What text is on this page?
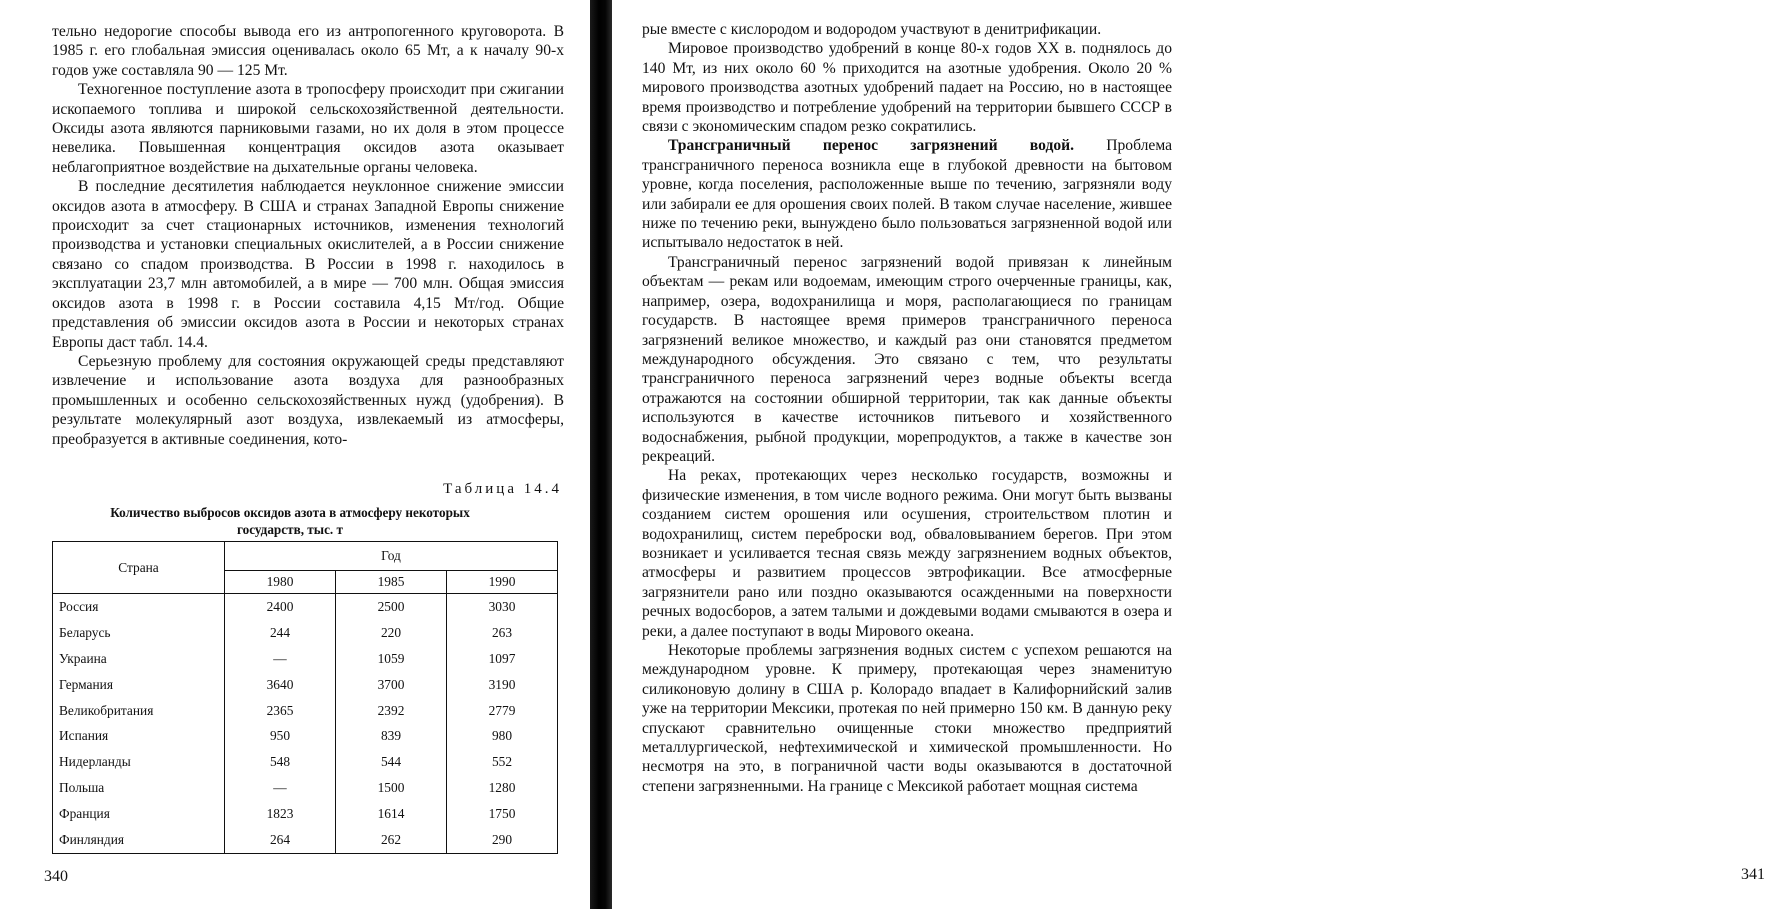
тельно недорогие способы вывода его из антропогенного круговорота. В 1985 г. его глобальная эмиссия оценивалась около 65 Мт, а к началу 90-х годов уже составляла 90 — 125 Мт.

Техногенное поступление азота в тропосферу происходит при сжигании ископаемого топлива и широкой сельскохозяйственной деятельности. Оксиды азота являются парниковыми газами, но их доля в этом процессе невелика. Повышенная концентрация оксидов азота оказывает неблагоприятное воздействие на дыхательные органы человека.

В последние десятилетия наблюдается неуклонное снижение эмиссии оксидов азота в атмосферу. В США и странах Западной Европы снижение происходит за счет стационарных источников, изменения технологий производства и установки специальных окислителей, а в России снижение связано со спадом производства. В России в 1998 г. находилось в эксплуатации 23,7 млн автомобилей, а в мире — 700 млн. Общая эмиссия оксидов азота в 1998 г. в России составила 4,15 Мт/год. Общие представления об эмиссии оксидов азота в России и некоторых странах Европы даст табл. 14.4.

Серьезную проблему для состояния окружающей среды представляют извлечение и использование азота воздуха для разнообразных промышленных и особенно сельскохозяйственных нужд (удобрения). В результате молекулярный азот воздуха, извлекаемый из атмосферы, преобразуется в активные соединения, кото-

Таблица 14.4
Количество выбросов оксидов азота в атмосферу некоторых государств, тыс. т
Страна	Год
1980	1985	1990
Россия	2400	2500	3030
Беларусь	244	220	263
Украина	—	1059	1097
Германия	3640	3700	3190
Великобритания	2365	2392	2779
Испания	950	839	980
Нидерланды	548	544	552
Польша	—	1500	1280
Франция	1823	1614	1750
Финляндия	264	262	290
340

рые вместе с кислородом и водородом участвуют в денитрификации.

Мировое производство удобрений в конце 80-х годов XX в. поднялось до 140 Мт, из них около 60 % приходится на азотные удобрения. Около 20 % мирового производства азотных удобрений падает на Россию, но в настоящее время производство и потребление удобрений на территории бывшего СССР в связи с экономическим спадом резко сократились.

Трансграничный перенос загрязнений водой. Проблема трансграничного переноса возникла еще в глубокой древности на бытовом уровне, когда поселения, расположенные выше по течению, загрязняли воду или забирали ее для орошения своих полей. В таком случае население, жившее ниже по течению реки, вынуждено было пользоваться загрязненной водой или испытывало недостаток в ней.

Трансграничный перенос загрязнений водой привязан к линейным объектам — рекам или водоемам, имеющим строго очерченные границы, как, например, озера, водохранилища и моря, располагающиеся по границам государств. В настоящее время примеров трансграничного переноса загрязнений великое множество, и каждый раз они становятся предметом международного обсуждения. Это связано с тем, что результаты трансграничного переноса загрязнений через водные объекты всегда отражаются на состоянии обширной территории, так как данные объекты используются в качестве источников питьевого и хозяйственного водоснабжения, рыбной продукции, морепродуктов, а также в качестве зон рекреаций.

На реках, протекающих через несколько государств, возможны и физические изменения, в том числе водного режима. Они могут быть вызваны созданием систем орошения или осушения, строительством плотин и водохранилищ, систем переброски вод, обваловыванием берегов. При этом возникает и усиливается тесная связь между загрязнением водных объектов, атмосферы и развитием процессов эвтрофикации. Все атмосферные загрязнители рано или поздно оказываются осажденными на поверхности речных водосборов, а затем талыми и дождевыми водами смываются в озера и реки, а далее поступают в воды Мирового океана.

Некоторые проблемы загрязнения водных систем с успехом решаются на международном уровне. К примеру, протекающая через знаменитую силиконовую долину в США р. Колорадо впадает в Калифорнийский залив уже на территории Мексики, протекая по ней примерно 150 км. В данную реку спускают сравнительно очищенные стоки множество предприятий металлургической, нефтехимической и химической промышленности. Но несмотря на это, в пограничной части воды оказываются в достаточной степени загрязненными. На границе с Мексикой работает мощная система

341
